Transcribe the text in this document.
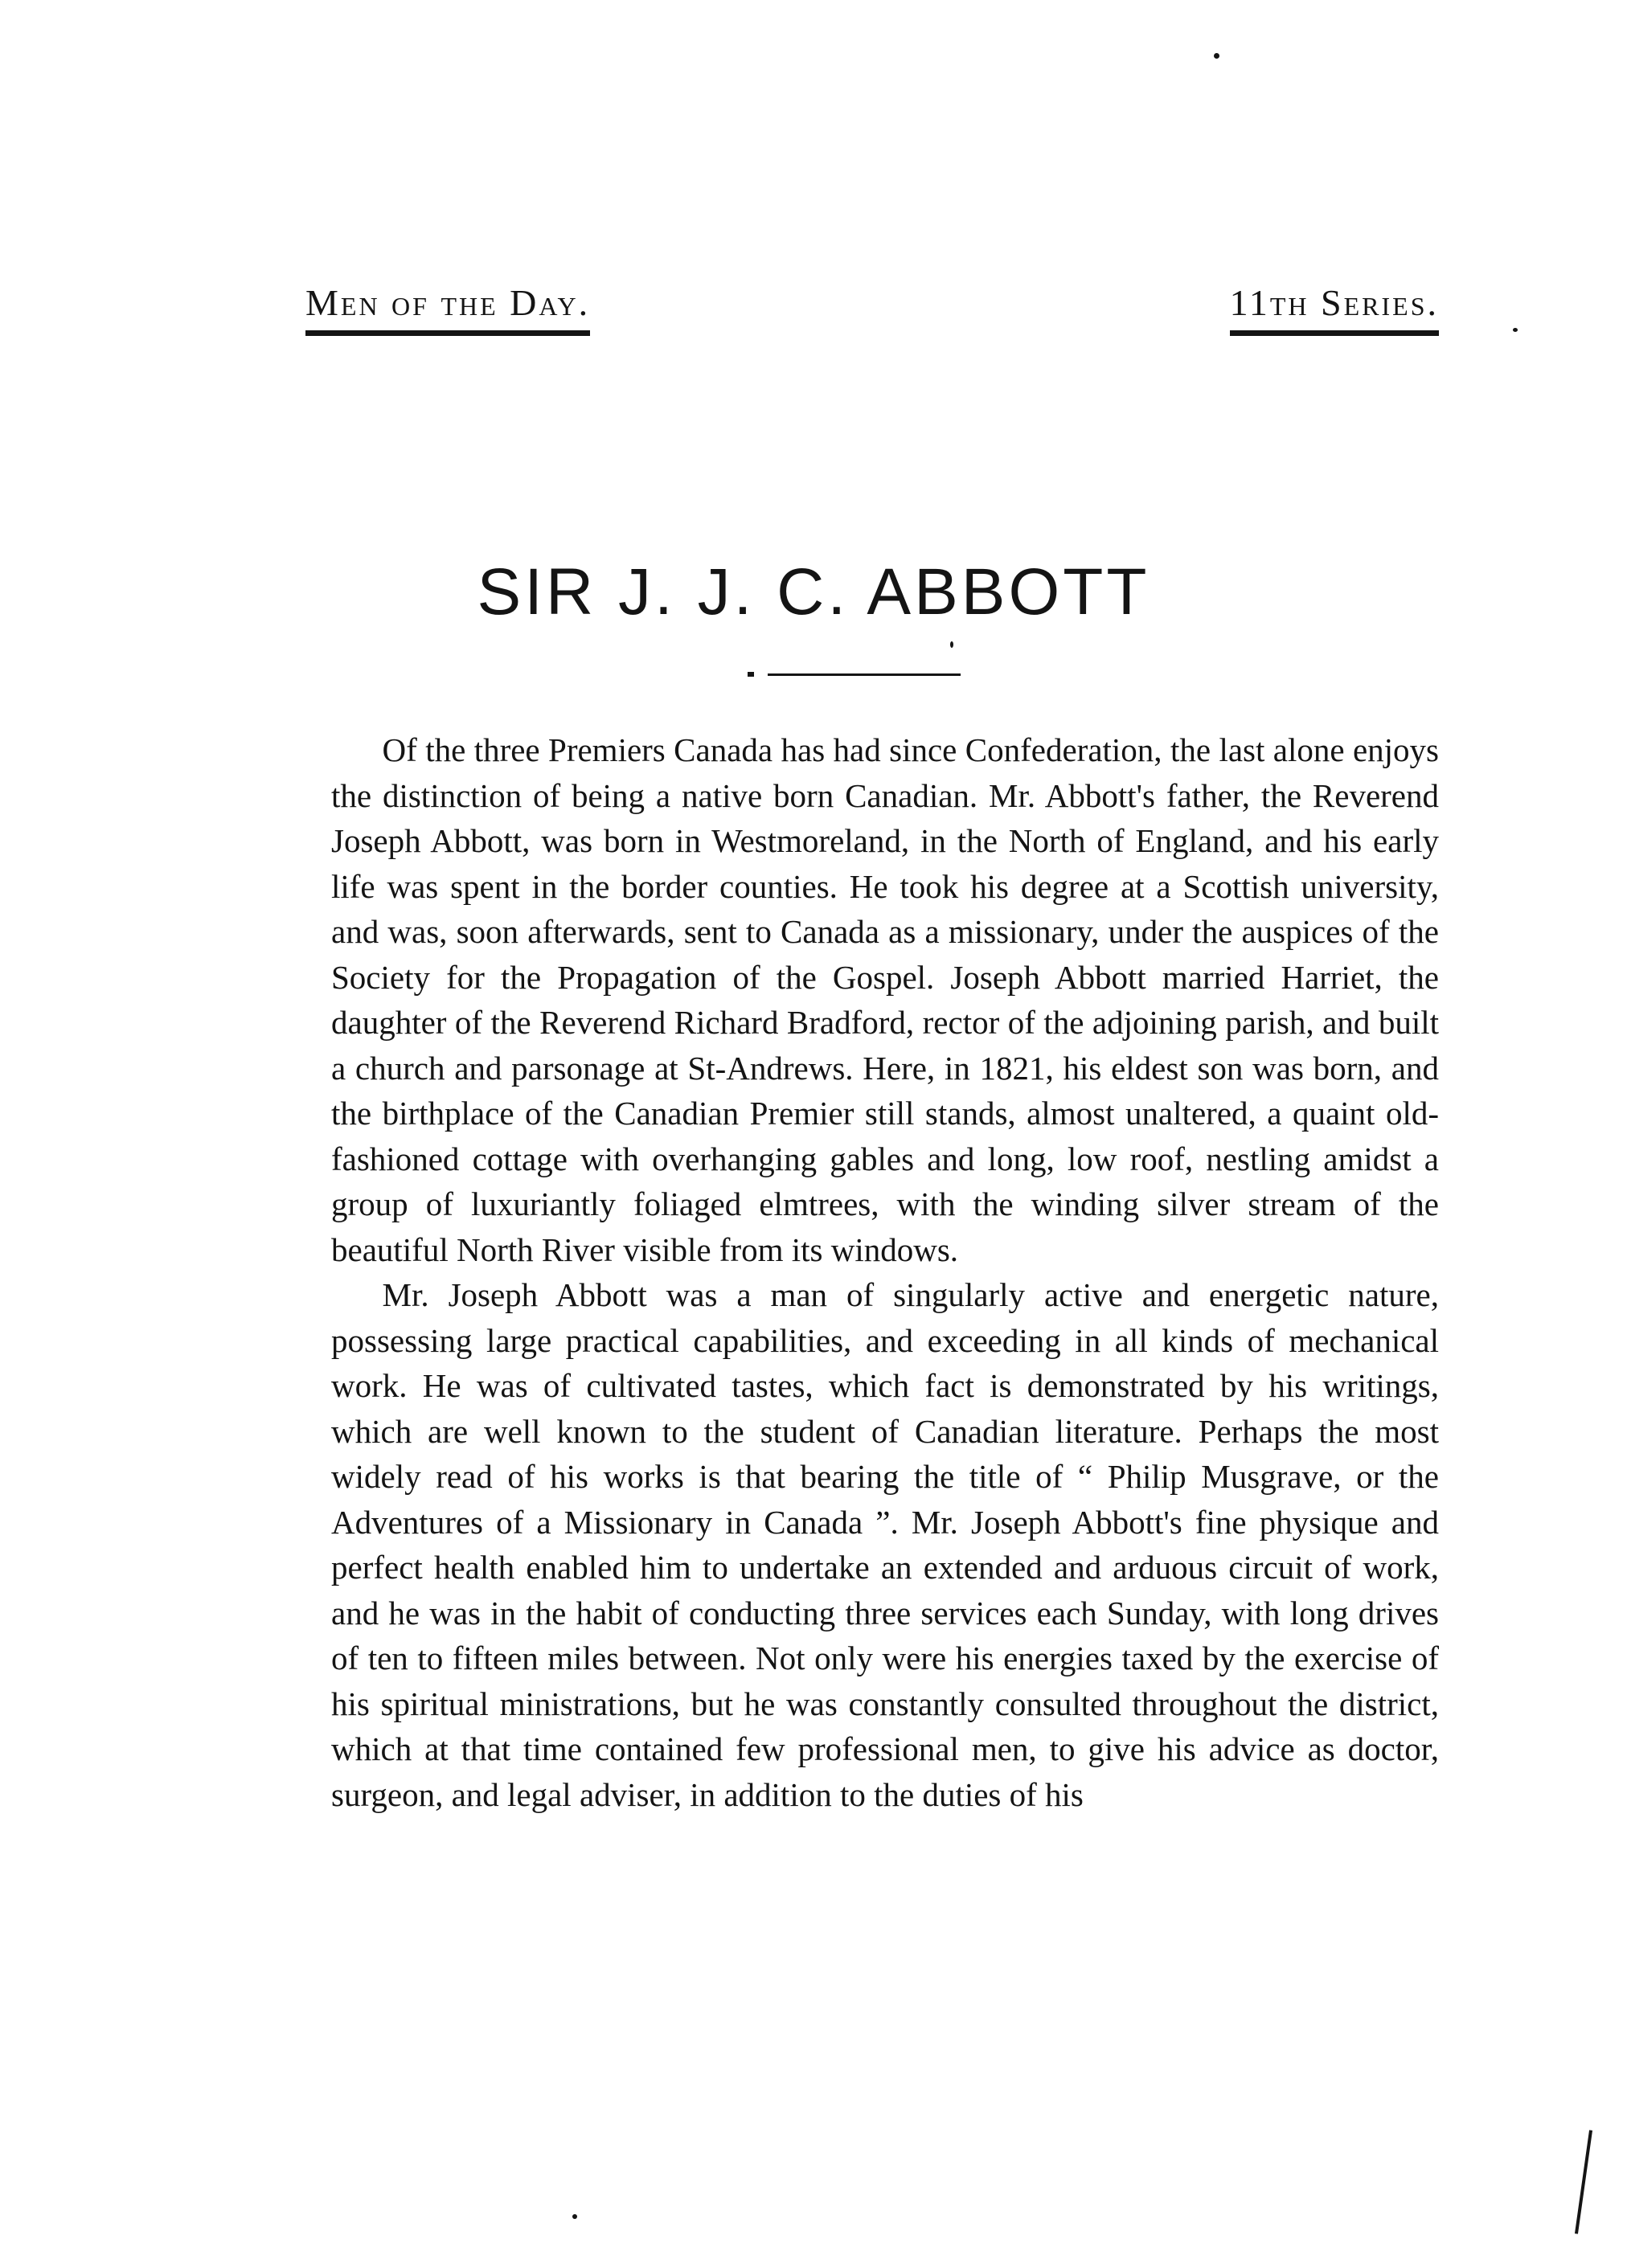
Men of the Day.	11th Series.
SIR J. J. C. ABBOTT

Of the three Premiers Canada has had since Confederation, the last alone enjoys the distinction of being a native born Canadian. Mr. Abbott's father, the Reverend Joseph Abbott, was born in Westmoreland, in the North of England, and his early life was spent in the border counties. He took his degree at a Scottish university, and was, soon afterwards, sent to Canada as a missionary, under the auspices of the Society for the Propagation of the Gospel. Joseph Abbott married Harriet, the daughter of the Reverend Richard Bradford, rector of the adjoining parish, and built a church and parsonage at St-Andrews. Here, in 1821, his eldest son was born, and the birthplace of the Canadian Premier still stands, almost unaltered, a quaint old-fashioned cottage with overhanging gables and long, low roof, nestling amidst a group of luxuriantly foliaged elmtrees, with the winding silver stream of the beautiful North River visible from its windows.

Mr. Joseph Abbott was a man of singularly active and energetic nature, possessing large practical capabilities, and exceeding in all kinds of mechanical work. He was of cultivated tastes, which fact is demonstrated by his writings, which are well known to the student of Canadian literature. Perhaps the most widely read of his works is that bearing the title of “ Philip Musgrave, or the Adventures of a Missionary in Canada ”. Mr. Joseph Abbott's fine physique and perfect health enabled him to undertake an extended and arduous circuit of work, and he was in the habit of conducting three services each Sunday, with long drives of ten to fifteen miles between. Not only were his energies taxed by the exercise of his spiritual ministrations, but he was constantly consulted throughout the district, which at that time contained few professional men, to give his advice as doctor, surgeon, and legal adviser, in addition to the duties of his
